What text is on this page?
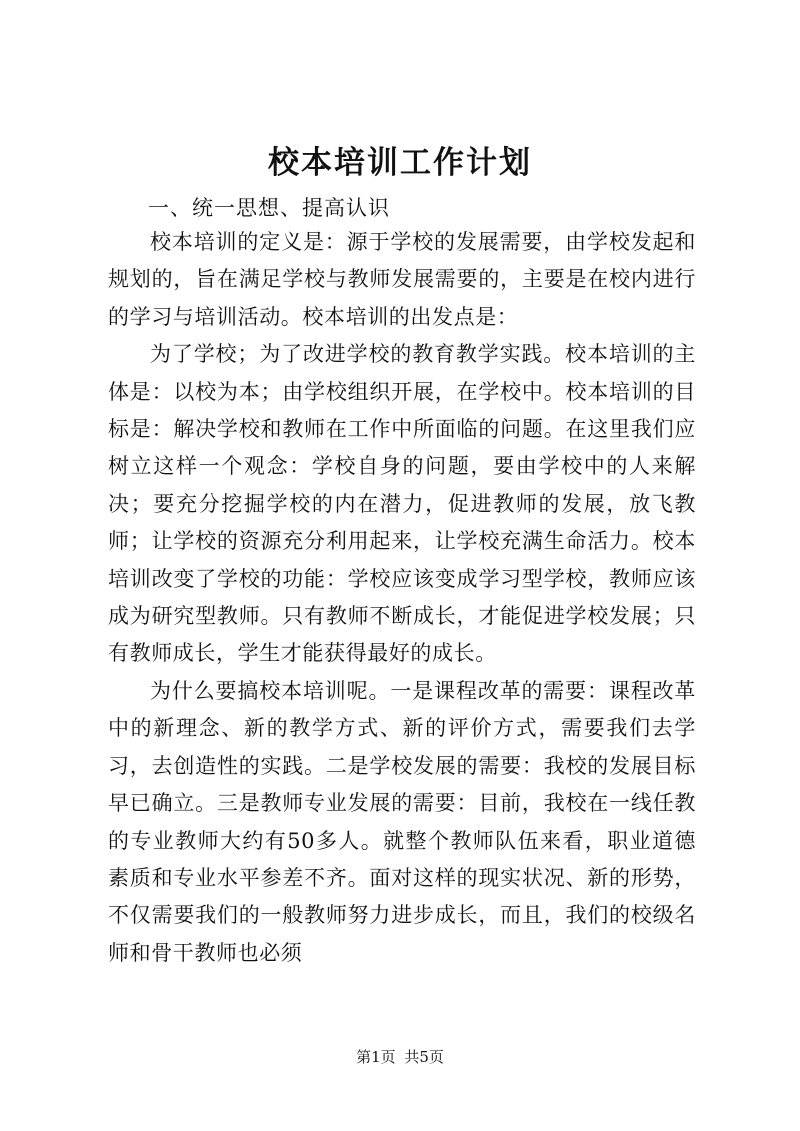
校本培训工作计划
一、统一思想、提高认识

校本培训的定义是：源于学校的发展需要，由学校发起和规划的，旨在满足学校与教师发展需要的，主要是在校内进行的学习与培训活动。校本培训的出发点是：

为了学校；为了改进学校的教育教学实践。校本培训的主体是：以校为本；由学校组织开展，在学校中。校本培训的目标是：解决学校和教师在工作中所面临的问题。在这里我们应树立这样一个观念：学校自身的问题，要由学校中的人来解决；要充分挖掘学校的内在潜力，促进教师的发展，放飞教师；让学校的资源充分利用起来，让学校充满生命活力。校本培训改变了学校的功能：学校应该变成学习型学校，教师应该成为研究型教师。只有教师不断成长，才能促进学校发展；只有教师成长，学生才能获得最好的成长。

为什么要搞校本培训呢。一是课程改革的需要：课程改革中的新理念、新的教学方式、新的评价方式，需要我们去学习，去创造性的实践。二是学校发展的需要：我校的发展目标早已确立。三是教师专业发展的需要：目前，我校在一线任教的专业教师大约有50多人。就整个教师队伍来看，职业道德素质和专业水平参差不齐。面对这样的现实状况、新的形势，不仅需要我们的一般教师努力进步成长，而且，我们的校级名师和骨干教师也必须

第1页 共5页
